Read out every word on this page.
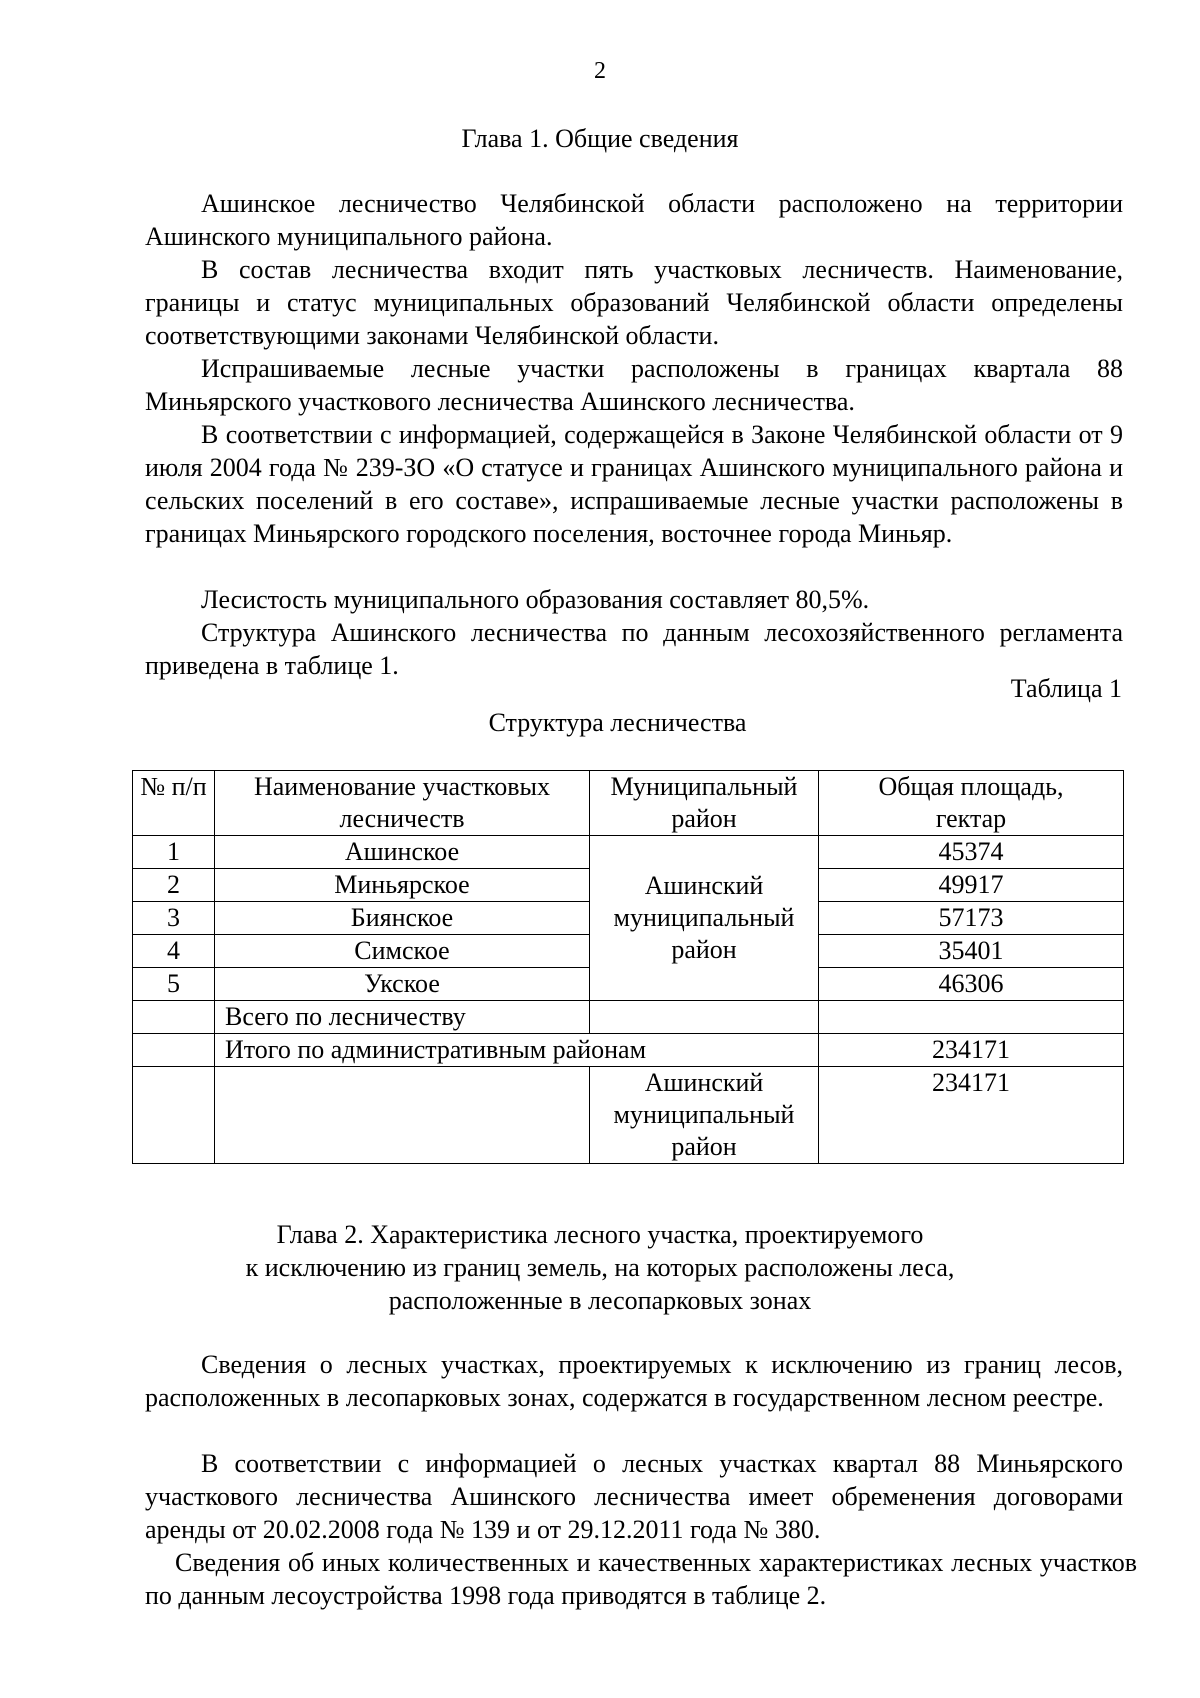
2
Глава 1. Общие сведения

Ашинское лесничество Челябинской области расположено на территории Ашинского муниципального района.

В состав лесничества входит пять участковых лесничеств. Наименование, границы и статус муниципальных образований Челябинской области определены соответствующими законами Челябинской области.

Испрашиваемые лесные участки расположены в границах квартала 88 Миньярского участкового лесничества Ашинского лесничества.

В соответствии с информацией, содержащейся в Законе Челябинской области от 9 июля 2004 года № 239-ЗО «О статусе и границах Ашинского муниципального района и сельских поселений в его составе», испрашиваемые лесные участки расположены в границах Миньярского городского поселения, восточнее города Миньяр.

Лесистость муниципального образования составляет 80,5%.

Структура Ашинского лесничества по данным лесохозяйственного регламента приведена в таблице 1.

Таблица 1
Структура лесничества
№ п/п	Наименование участковых лесничеств	Муниципальный район	Общая площадь, гектар
1	Ашинское	Ашинский муниципальный район	45374
2	Миньярское		49917
3	Биянское		57173
4	Симское		35401
5	Укское		46306
	Всего по лесничеству		
	Итого по административным районам		234171
		Ашинский муниципальный район	234171
Глава 2. Характеристика лесного участка, проектируемого
к исключению из границ земель, на которых расположены леса,
расположенные в лесопарковых зонах

Сведения о лесных участках, проектируемых к исключению из границ лесов, расположенных в лесопарковых зонах, содержатся в государственном лесном реестре.

В соответствии с информацией о лесных участках квартал 88 Миньярского участкового лесничества Ашинского лесничества имеет обременения договорами аренды от 20.02.2008 года № 139 и от 29.12.2011 года № 380.

Сведения об иных количественных и качественных характеристиках лесных участков по данным лесоустройства 1998 года приводятся в таблице 2.
